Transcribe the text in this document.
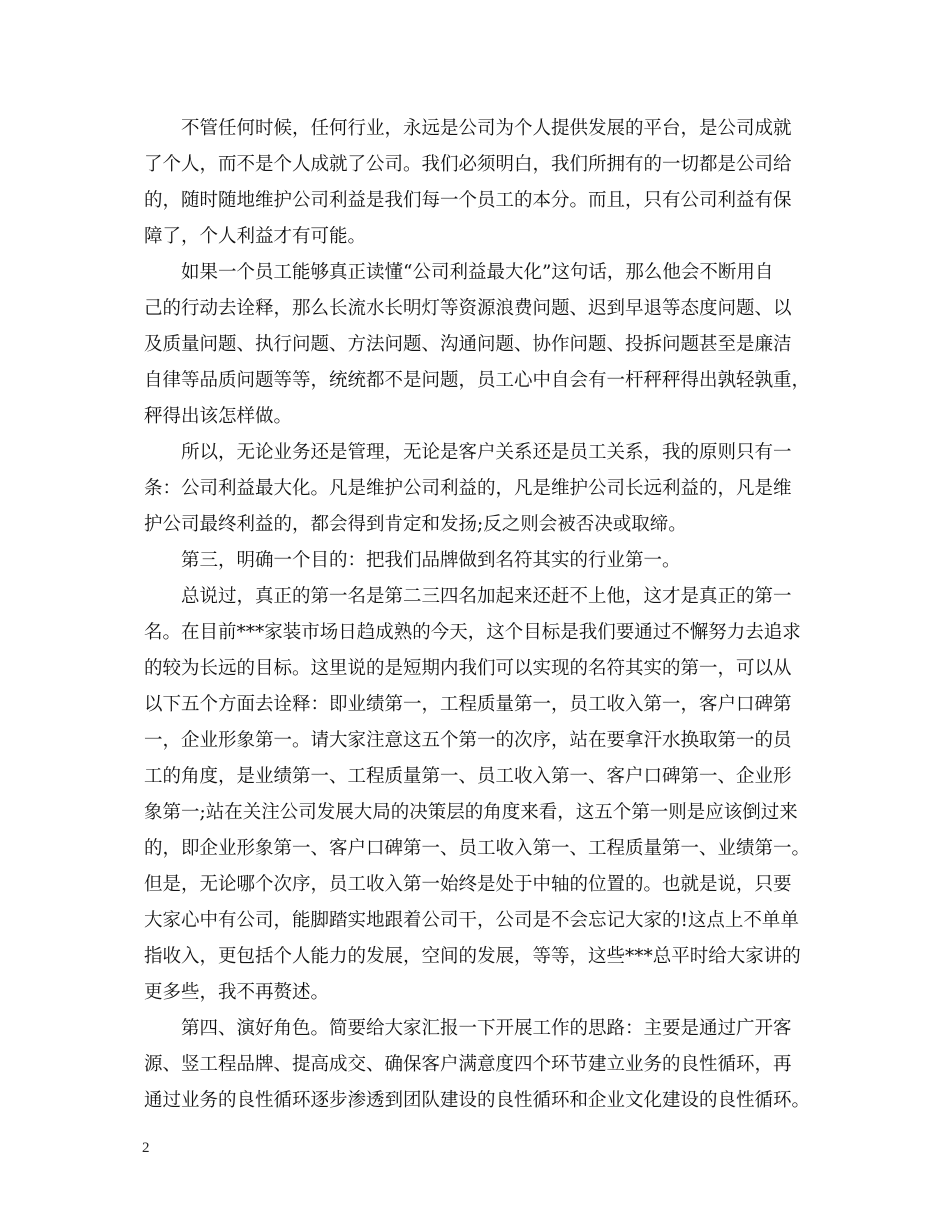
　　不管任何时候，任何行业，永远是公司为个人提供发展的平台，是公司成就
了个人，而不是个人成就了公司。我们必须明白，我们所拥有的一切都是公司给
的，随时随地维护公司利益是我们每一个员工的本分。而且，只有公司利益有保
障了，个人利益才有可能。
　　如果一个员工能够真正读懂“公司利益最大化”这句话，那么他会不断用自
己的行动去诠释，那么长流水长明灯等资源浪费问题、迟到早退等态度问题、以
及质量问题、执行问题、方法问题、沟通问题、协作问题、投拆问题甚至是廉洁
自律等品质问题等等，统统都不是问题，员工心中自会有一杆秤秤得出孰轻孰重，
秤得出该怎样做。
　　所以，无论业务还是管理，无论是客户关系还是员工关系，我的原则只有一
条：公司利益最大化。凡是维护公司利益的，凡是维护公司长远利益的，凡是维
护公司最终利益的，都会得到肯定和发扬;反之则会被否决或取缔。
　　第三，明确一个目的：把我们品牌做到名符其实的行业第一。
　　总说过，真正的第一名是第二三四名加起来还赶不上他，这才是真正的第一
名。在目前***家装市场日趋成熟的今天，这个目标是我们要通过不懈努力去追求
的较为长远的目标。这里说的是短期内我们可以实现的名符其实的第一，可以从
以下五个方面去诠释：即业绩第一，工程质量第一，员工收入第一，客户口碑第
一，企业形象第一。请大家注意这五个第一的次序，站在要拿汗水换取第一的员
工的角度，是业绩第一、工程质量第一、员工收入第一、客户口碑第一、企业形
象第一;站在关注公司发展大局的决策层的角度来看，这五个第一则是应该倒过来
的，即企业形象第一、客户口碑第一、员工收入第一、工程质量第一、业绩第一。
但是，无论哪个次序，员工收入第一始终是处于中轴的位置的。也就是说，只要
大家心中有公司，能脚踏实地跟着公司干，公司是不会忘记大家的!这点上不单单
指收入，更包括个人能力的发展，空间的发展，等等，这些***总平时给大家讲的
更多些，我不再赘述。
　　第四、演好角色。简要给大家汇报一下开展工作的思路：主要是通过广开客
源、竖工程品牌、提高成交、确保客户满意度四个环节建立业务的良性循环，再
通过业务的良性循环逐步渗透到团队建设的良性循环和企业文化建设的良性循环。
2
